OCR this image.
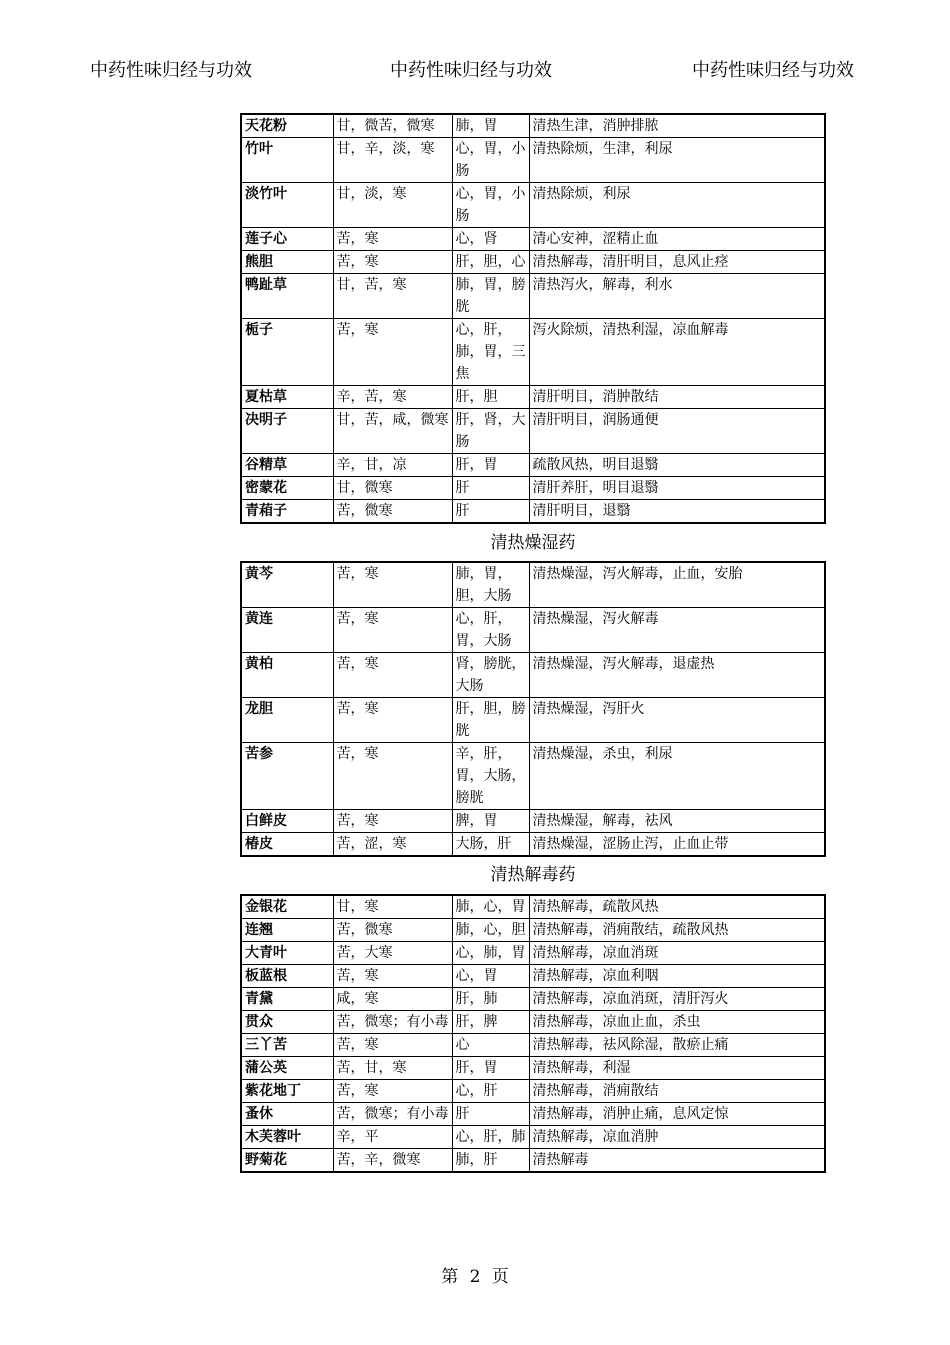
中药性味归经与功效	中药性味归经与功效	中药性味归经与功效
清热燥湿药
清热解毒药
天花粉	甘，微苦，微寒	肺，胃	清热生津，消肿排脓
竹叶	甘，辛，淡，寒	心，胃，小肠	清热除烦，生津，利尿
淡竹叶	甘，淡，寒	心，胃，小肠	清热除烦，利尿
莲子心	苦，寒	心，肾	清心安神，涩精止血
熊胆	苦，寒	肝，胆，心	清热解毒，清肝明目，息风止痉
鸭趾草	甘，苦，寒	肺，胃，膀胱	清热泻火，解毒，利水
栀子	苦，寒	心，肝，肺，胃，三焦	泻火除烦，清热利湿，凉血解毒
夏枯草	辛，苦，寒	肝，胆	清肝明目，消肿散结
决明子	甘，苦，咸，微寒	肝，肾，大肠	清肝明目，润肠通便
谷精草	辛，甘，凉	肝，胃	疏散风热，明目退翳
密蒙花	甘，微寒	肝	清肝养肝，明目退翳
青葙子	苦，微寒	肝	清肝明目，退翳
黄芩	苦，寒	肺，胃，胆，大肠	清热燥湿，泻火解毒，止血，安胎
黄连	苦，寒	心，肝，胃，大肠	清热燥湿，泻火解毒
黄柏	苦，寒	肾，膀胱，大肠	清热燥湿，泻火解毒，退虚热
龙胆	苦，寒	肝，胆，膀胱	清热燥湿，泻肝火
苦参	苦，寒	辛，肝，胃，大肠，膀胱	清热燥湿，杀虫，利尿
白鲜皮	苦，寒	脾，胃	清热燥湿，解毒，祛风
椿皮	苦，涩，寒	大肠，肝	清热燥湿，涩肠止泻，止血止带
金银花	甘，寒	肺，心，胃	清热解毒，疏散风热
连翘	苦，微寒	肺，心，胆	清热解毒，消痈散结，疏散风热
大青叶	苦，大寒	心，肺，胃	清热解毒，凉血消斑
板蓝根	苦，寒	心，胃	清热解毒，凉血利咽
青黛	咸，寒	肝，肺	清热解毒，凉血消斑，清肝泻火
贯众	苦，微寒；有小毒	肝，脾	清热解毒，凉血止血，杀虫
三丫苦	苦，寒	心	清热解毒，祛风除湿，散瘀止痛
蒲公英	苦，甘，寒	肝，胃	清热解毒，利湿
紫花地丁	苦，寒	心，肝	清热解毒，消痈散结
蚤休	苦，微寒；有小毒	肝	清热解毒，消肿止痛，息风定惊
木芙蓉叶	辛，平	心，肝，肺	清热解毒，凉血消肿
野菊花	苦，辛，微寒	肺，肝	清热解毒
第 2 页
